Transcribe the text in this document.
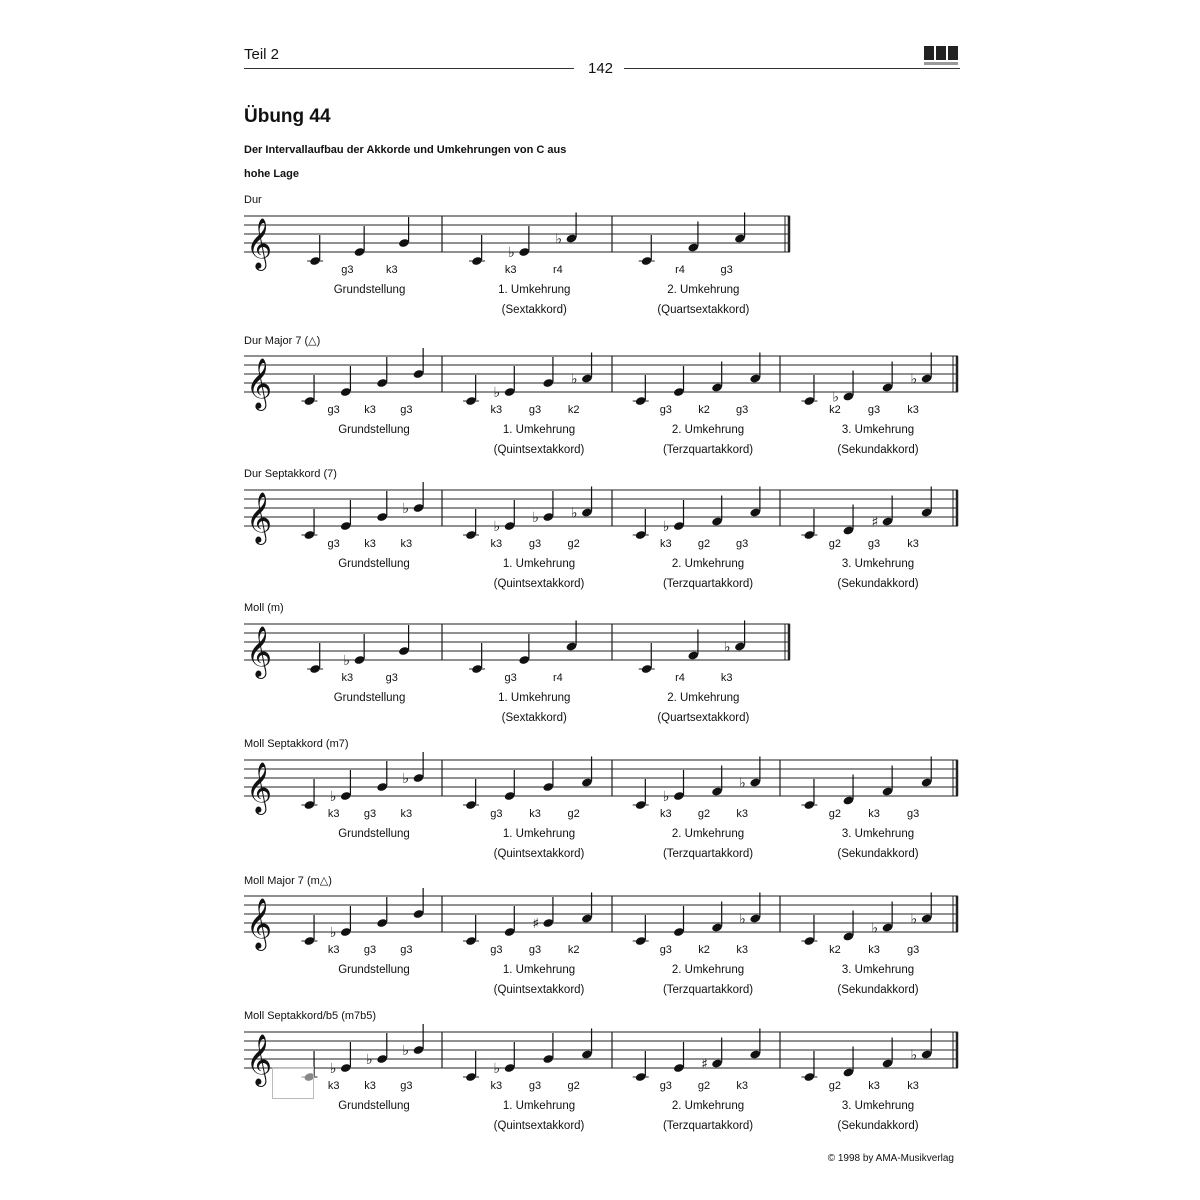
Teil 2
142
Übung 44
Der Intervallaufbau der Akkorde und Umkehrungen von C aus
hohe Lage
Dur
g3	k3
Grundstellung
k3	r4
1. Umkehrung
(Sextakkord)
r4	g3
2. Umkehrung
(Quartsextakkord)
𝄞	♭
♭
Dur Major 7 (△)
g3 k3 g3
Grundstellung
k3 g3 k2
1. Umkehrung
(Quintsextakkord)
g3 k2 g3
2. Umkehrung
(Terzquartakkord)
k2 g3 k3
3. Umkehrung
(Sekundakkord)
𝄞	♭
♭
♭
♭
Dur Septakkord (7)
g3 k3 k3
Grundstellung
k3 g3 g2
1. Umkehrung
(Quintsextakkord)
k3 g2 g3
2. Umkehrung
(Terzquartakkord)
g2 g3 k3
3. Umkehrung
(Sekundakkord)
𝄞	♭
♭
♭ ♭
♭	♯
Moll (m)
k3	g3
Grundstellung
g3	r4
1. Umkehrung
(Sextakkord)
r4	k3
2. Umkehrung
(Quartsextakkord)
𝄞	♭
♭
Moll Septakkord (m7)
k3 g3 k3
Grundstellung
g3 k3 g2
1. Umkehrung
(Quintsextakkord)
k3 g2 k3
2. Umkehrung
(Terzquartakkord)
g2 k3 g3
3. Umkehrung
(Sekundakkord)
𝄞	♭
♭
♭
♭
Moll Major 7 (m△)
k3 g3 g3
Grundstellung
g3 g3 k2
1. Umkehrung
(Quintsextakkord)
g3 k2 k3
2. Umkehrung
(Terzquartakkord)
k2 k3 g3
3. Umkehrung
(Sekundakkord)
𝄞	♭
♯	♭
♭
♭
Moll Septakkord/b5 (m7b5)
k3 k3 g3
Grundstellung
k3 g3 g2
1. Umkehrung
(Quintsextakkord)
g3 g2 k3
2. Umkehrung
(Terzquartakkord)
g2 k3 k3
3. Umkehrung
(Sekundakkord)
𝄞	♭
♭
♭
♭	♯
♭
© 1998 by AMA-Musikverlag
